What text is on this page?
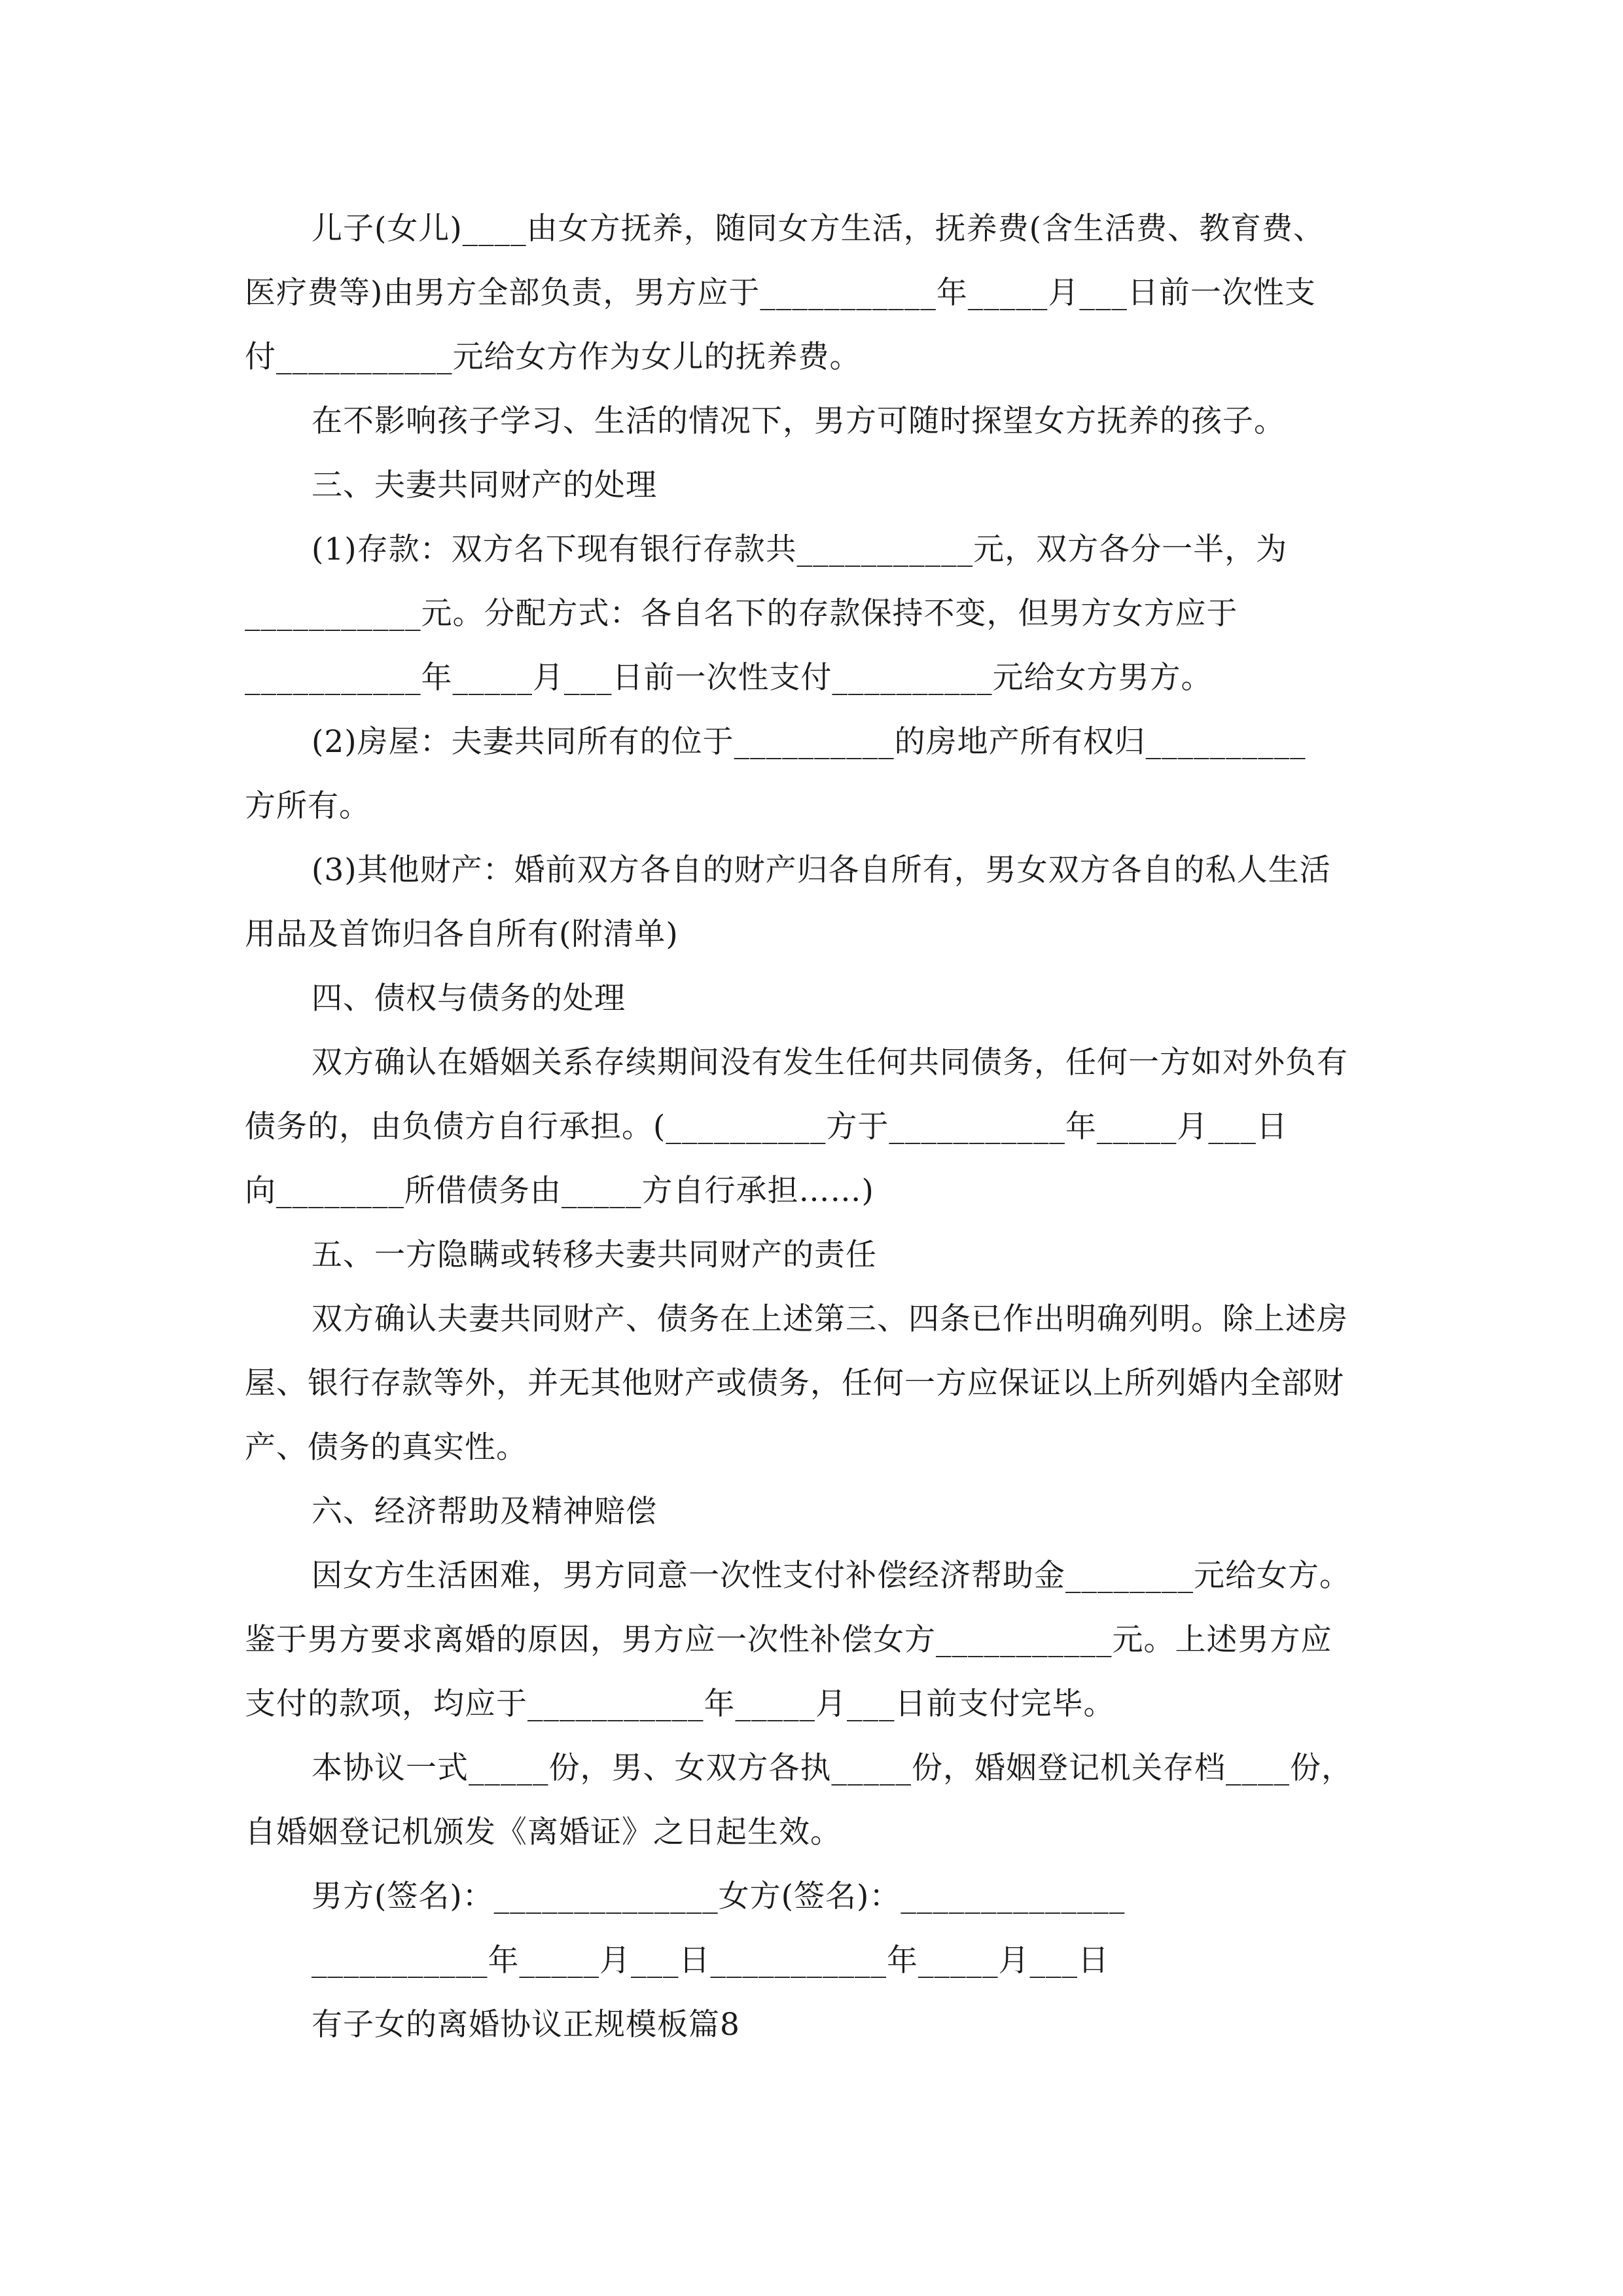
儿子(女儿)____由女方抚养，随同女方生活，抚养费(含生活费、教育费、
医疗费等)由男方全部负责，男方应于___________年_____月___日前一次性支
付___________元给女方作为女儿的抚养费。
在不影响孩子学习、生活的情况下，男方可随时探望女方抚养的孩子。
三、夫妻共同财产的处理
(1)存款：双方名下现有银行存款共___________元，双方各分一半，为
___________元。分配方式：各自名下的存款保持不变，但男方女方应于
___________年_____月___日前一次性支付__________元给女方男方。
(2)房屋：夫妻共同所有的位于__________的房地产所有权归__________
方所有。
(3)其他财产：婚前双方各自的财产归各自所有，男女双方各自的私人生活
用品及首饰归各自所有(附清单)
四、债权与债务的处理
双方确认在婚姻关系存续期间没有发生任何共同债务，任何一方如对外负有
债务的，由负债方自行承担。(__________方于___________年_____月___日
向________所借债务由_____方自行承担……)
五、一方隐瞒或转移夫妻共同财产的责任
双方确认夫妻共同财产、债务在上述第三、四条已作出明确列明。除上述房
屋、银行存款等外，并无其他财产或债务，任何一方应保证以上所列婚内全部财
产、债务的真实性。
六、经济帮助及精神赔偿
因女方生活困难，男方同意一次性支付补偿经济帮助金________元给女方。
鉴于男方要求离婚的原因，男方应一次性补偿女方___________元。上述男方应
支付的款项，均应于___________年_____月___日前支付完毕。
本协议一式_____份，男、女双方各执_____份，婚姻登记机关存档____份，
自婚姻登记机颁发《离婚证》之日起生效。
男方(签名)：______________女方(签名)：______________
___________年_____月___日___________年_____月___日
有子女的离婚协议正规模板篇8
